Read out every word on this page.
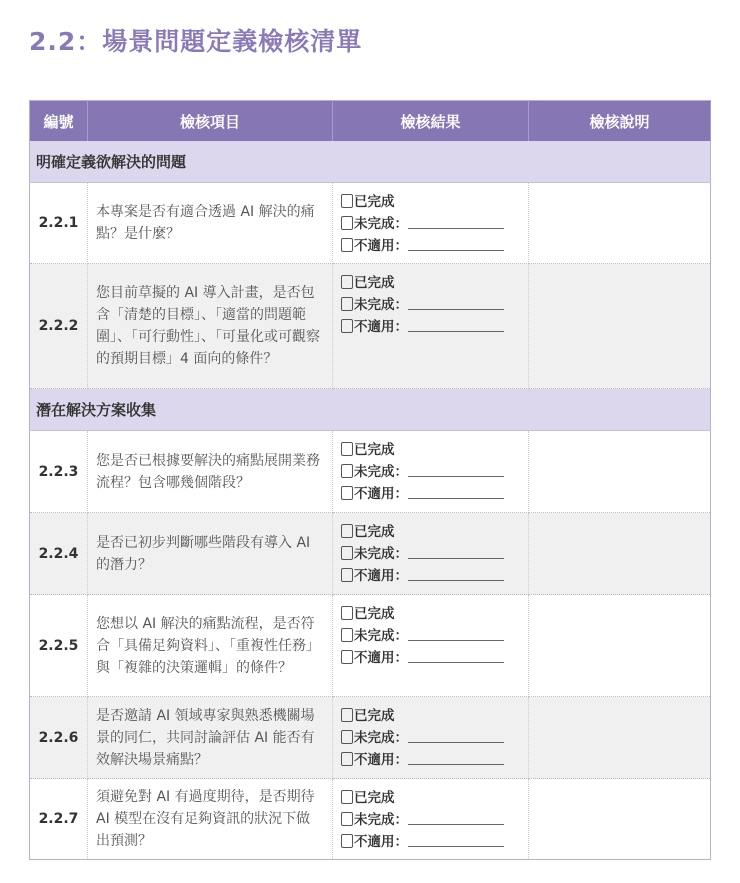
2.2：場景問題定義檢核清單
編號	檢核項目	檢核結果	檢核說明
明確定義欲解決的問題			
2.2.1	本專案是否有適合透過 AI 解決的痛點？是什麼？	已完成
未完成：
不適用：	

2.2.2	您目前草擬的 AI 導入計畫，是否包含「清楚的目標」、「適當的問題範圍」、「可行動性」、「可量化或可觀察的預期目標」4 面向的條件？	已完成
未完成：
不適用：	

潛在解決方案收集			
2.2.3	您是否已根據要解決的痛點展開業務流程？包含哪幾個階段？	已完成
未完成：
不適用：	

2.2.4	是否已初步判斷哪些階段有導入 AI 的潛力？	已完成
未完成：
不適用：	

2.2.5	您想以 AI 解決的痛點流程，是否符合「具備足夠資料」、「重複性任務」與「複雜的決策邏輯」的條件？	已完成
未完成：
不適用：	

2.2.6	是否邀請 AI 領域專家與熟悉機關場景的同仁，共同討論評估 AI 能否有效解決場景痛點？	已完成
未完成：
不適用：	

2.2.7	須避免對 AI 有過度期待，是否期待 AI 模型在沒有足夠資訊的狀況下做出預測？	已完成
未完成：
不適用：	
